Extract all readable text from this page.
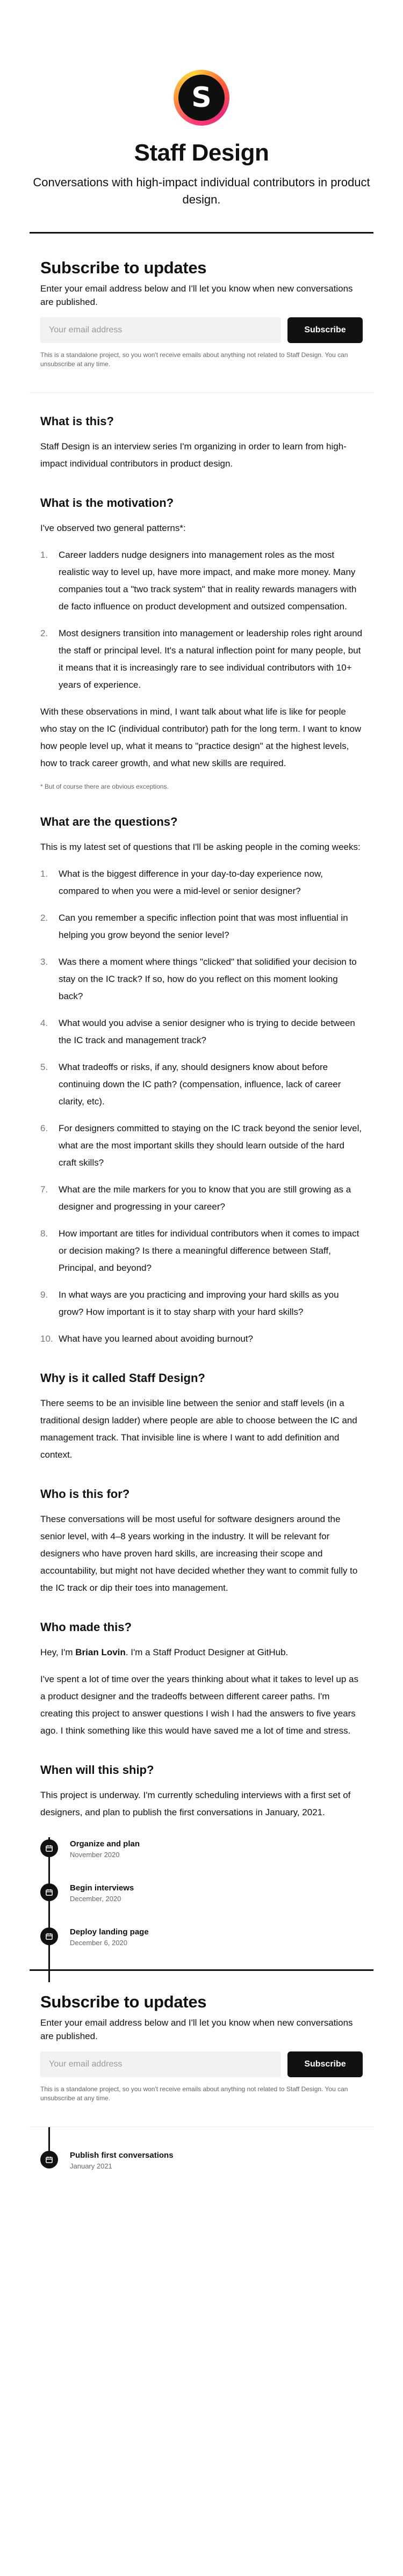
S
Staff Design

Conversations with high-impact individual contributors in product design.

Subscribe to updates

Enter your email address below and I'll let you know when new conversations are published.

Your email address
Subscribe

This is a standalone project, so you won't receive emails about anything not related to Staff Design. You can unsubscribe at any time.

What is this?

Staff Design is an interview series I'm organizing in order to learn from high-impact individual contributors in product design.

What is the motivation?

I've observed two general patterns*:

1.	Career ladders nudge designers into management roles as the most realistic way to level up, have more impact, and make more money. Many companies tout a "two track system" that in reality rewards managers with de facto influence on product development and outsized compensation.
2.	Most designers transition into management or leadership roles right around the staff or principal level. It's a natural inflection point for many people, but it means that it is increasingly rare to see individual contributors with 10+ years of experience.

With these observations in mind, I want talk about what life is like for people who stay on the IC (individual contributor) path for the long term. I want to know how people level up, what it means to "practice design" at the highest levels, how to track career growth, and what new skills are required.

* But of course there are obvious exceptions.

What are the questions?

This is my latest set of questions that I'll be asking people in the coming weeks:

1.	What is the biggest difference in your day-to-day experience now, compared to when you were a mid-level or senior designer?
2.	Can you remember a specific inflection point that was most influential in helping you grow beyond the senior level?
3.	Was there a moment where things "clicked" that solidified your decision to stay on the IC track? If so, how do you reflect on this moment looking back?
4.	What would you advise a senior designer who is trying to decide between the IC track and management track?
5.	What tradeoffs or risks, if any, should designers know about before continuing down the IC path? (compensation, influence, lack of career clarity, etc).
6.	For designers committed to staying on the IC track beyond the senior level, what are the most important skills they should learn outside of the hard craft skills?
7.	What are the mile markers for you to know that you are still growing as a designer and progressing in your career?
8.	How important are titles for individual contributors when it comes to impact or decision making? Is there a meaningful difference between Staff, Principal, and beyond?
9.	In what ways are you practicing and improving your hard skills as you grow? How important is it to stay sharp with your hard skills?
10. What have you learned about avoiding burnout?
Why is it called Staff Design?

There seems to be an invisible line between the senior and staff levels (in a traditional design ladder) where people are able to choose between the IC and management track. That invisible line is where I want to add definition and context.

Who is this for?

These conversations will be most useful for software designers around the senior level, with 4–8 years working in the industry. It will be relevant for designers who have proven hard skills, are increasing their scope and accountability, but might not have decided whether they want to commit fully to the IC track or dip their toes into management.

Who made this?

Hey, I'm Brian Lovin. I'm a Staff Product Designer at GitHub.

I've spent a lot of time over the years thinking about what it takes to level up as a product designer and the tradeoffs between different career paths. I'm creating this project to answer questions I wish I had the answers to five years ago. I think something like this would have saved me a lot of time and stress.

When will this ship?

This project is underway. I'm currently scheduling interviews with a first set of designers, and plan to publish the first conversations in January, 2021.

Organize and plan
November 2020
Begin interviews
December, 2020
Deploy landing page
December 6, 2020
Subscribe to updates

Enter your email address below and I'll let you know when new conversations are published.

Your email address
Subscribe

This is a standalone project, so you won't receive emails about anything not related to Staff Design. You can unsubscribe at any time.

Publish first conversations
January 2021
